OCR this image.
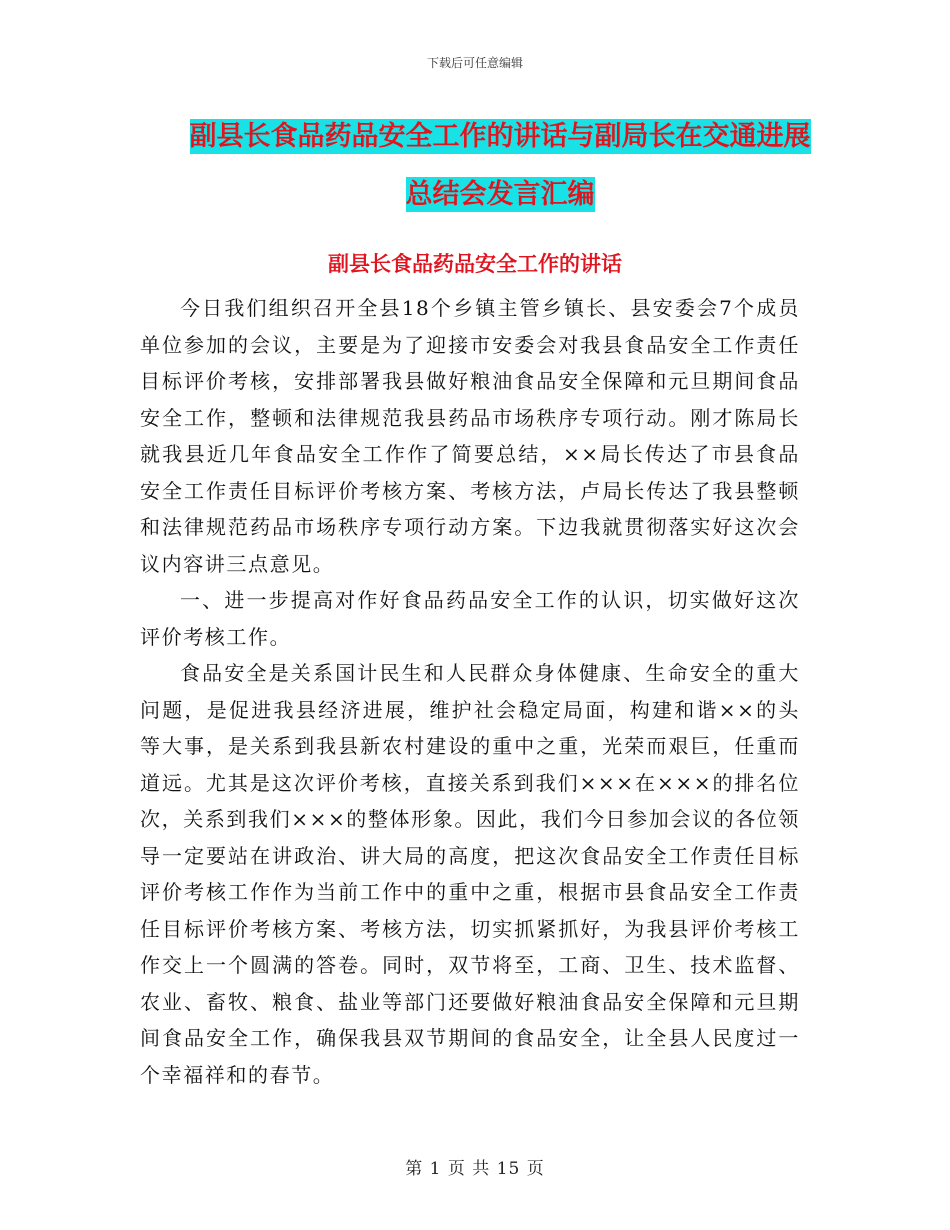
下载后可任意编辑
副县长食品药品安全工作的讲话与副局长在交通进展
总结会发言汇编
副县长食品药品安全工作的讲话

今日我们组织召开全县18个乡镇主管乡镇长、县安委会7个成员单位参加的会议，主要是为了迎接市安委会对我县食品安全工作责任目标评价考核，安排部署我县做好粮油食品安全保障和元旦期间食品安全工作，整顿和法律规范我县药品市场秩序专项行动。刚才陈局长就我县近几年食品安全工作作了简要总结，××局长传达了市县食品安全工作责任目标评价考核方案、考核方法，卢局长传达了我县整顿和法律规范药品市场秩序专项行动方案。下边我就贯彻落实好这次会议内容讲三点意见。

一、进一步提高对作好食品药品安全工作的认识，切实做好这次评价考核工作。

食品安全是关系国计民生和人民群众身体健康、生命安全的重大问题，是促进我县经济进展，维护社会稳定局面，构建和谐××的头等大事，是关系到我县新农村建设的重中之重，光荣而艰巨，任重而道远。尤其是这次评价考核，直接关系到我们×××在×××的排名位次，关系到我们×××的整体形象。因此，我们今日参加会议的各位领导一定要站在讲政治、讲大局的高度，把这次食品安全工作责任目标评价考核工作作为当前工作中的重中之重，根据市县食品安全工作责任目标评价考核方案、考核方法，切实抓紧抓好，为我县评价考核工作交上一个圆满的答卷。同时，双节将至，工商、卫生、技术监督、农业、畜牧、粮食、盐业等部门还要做好粮油食品安全保障和元旦期间食品安全工作，确保我县双节期间的食品安全，让全县人民度过一个幸福祥和的春节。

第 1 页 共 15 页
